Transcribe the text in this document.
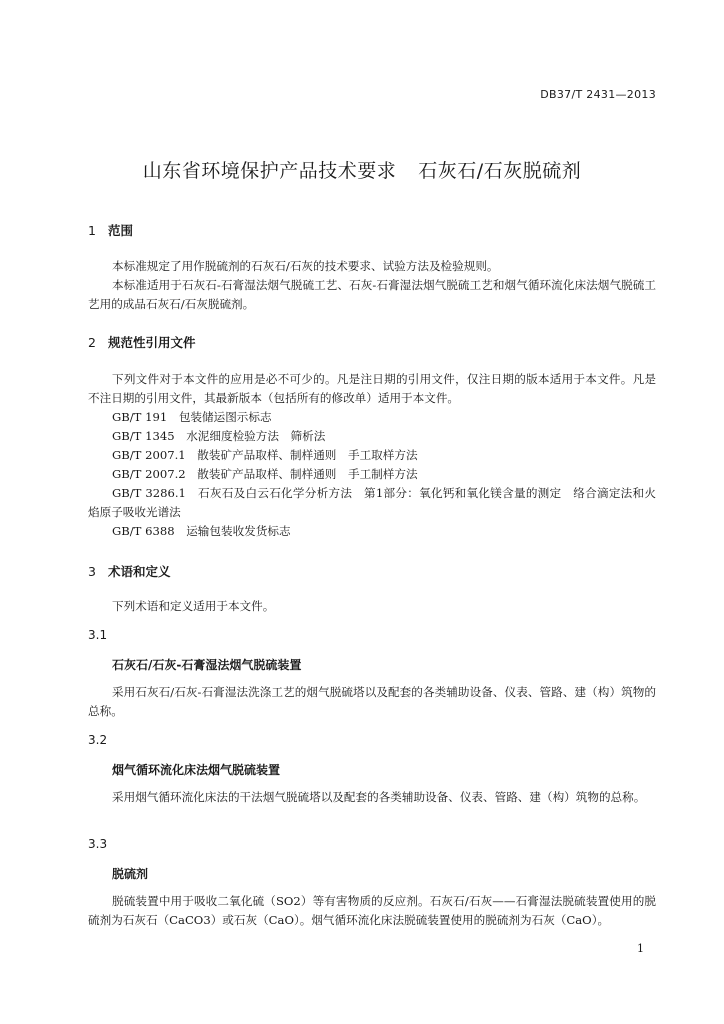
DB37/T 2431—2013
山东省环境保护产品技术要求 石灰石/石灰脱硫剂
1 范围
本标准规定了用作脱硫剂的石灰石/石灰的技术要求、试验方法及检验规则。
本标准适用于石灰石-石膏湿法烟气脱硫工艺、石灰-石膏湿法烟气脱硫工艺和烟气循环流化床法烟气脱硫工艺用的成品石灰石/石灰脱硫剂。
2 规范性引用文件
下列文件对于本文件的应用是必不可少的。凡是注日期的引用文件，仅注日期的版本适用于本文件。凡是不注日期的引用文件，其最新版本（包括所有的修改单）适用于本文件。
GB/T 191　包装储运图示标志
GB/T 1345　水泥细度检验方法　筛析法
GB/T 2007.1　散装矿产品取样、制样通则　手工取样方法
GB/T 2007.2　散装矿产品取样、制样通则　手工制样方法
GB/T 3286.1　石灰石及白云石化学分析方法　第1部分：氧化钙和氧化镁含量的测定　络合滴定法和火焰原子吸收光谱法
GB/T 6388　运输包装收发货标志
3 术语和定义
下列术语和定义适用于本文件。
3.1
石灰石/石灰-石膏湿法烟气脱硫装置
采用石灰石/石灰-石膏湿法洗涤工艺的烟气脱硫塔以及配套的各类辅助设备、仪表、管路、建（构）筑物的总称。
3.2
烟气循环流化床法烟气脱硫装置
采用烟气循环流化床法的干法烟气脱硫塔以及配套的各类辅助设备、仪表、管路、建（构）筑物的总称。
3.3
脱硫剂
脱硫装置中用于吸收二氧化硫（SO2）等有害物质的反应剂。石灰石/石灰——石膏湿法脱硫装置使用的脱硫剂为石灰石（CaCO3）或石灰（CaO）。烟气循环流化床法脱硫装置使用的脱硫剂为石灰（CaO）。
1
